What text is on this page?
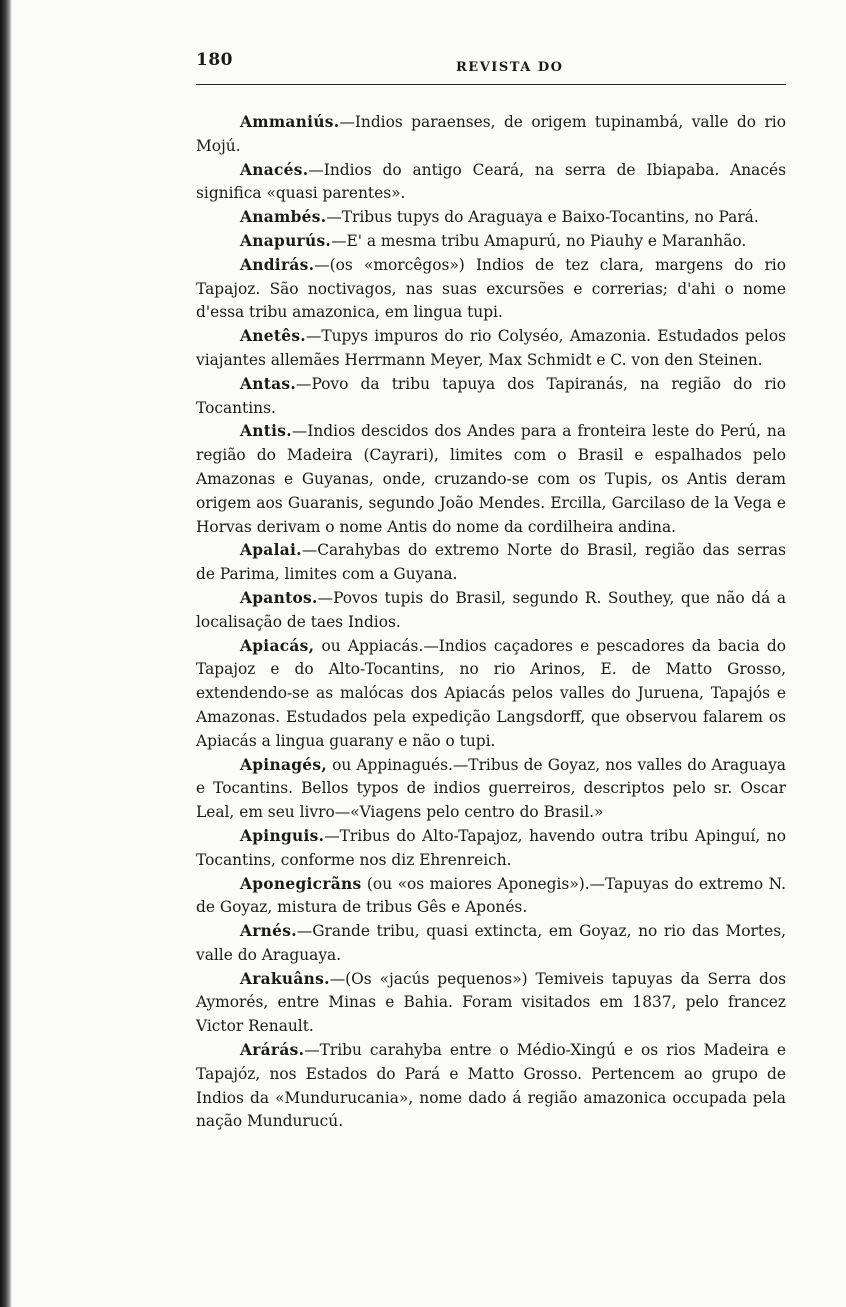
180	REVISTA DO

Ammaniús.—Indios paraenses, de origem tupinambá, valle do rio Mojú.

Anacés.—Indios do antigo Ceará, na serra de Ibiapaba. Anacés significa «quasi parentes».

Anambés.—Tribus tupys do Araguaya e Baixo-Tocantins, no Pará.

Anapurús.—E' a mesma tribu Amapurú, no Piauhy e Maranhão.

Andirás.—(os «morcêgos») Indios de tez clara, margens do rio Tapajoz. São noctivagos, nas suas excursões e correrias; d'ahi o nome d'essa tribu amazonica, em lingua tupi.

Anetês.—Tupys impuros do rio Colyséo, Amazonia. Estudados pelos viajantes allemães Herrmann Meyer, Max Schmidt e C. von den Steinen.

Antas.—Povo da tribu tapuya dos Tapiranás, na região do rio Tocantins.

Antis.—Indios descidos dos Andes para a fronteira leste do Perú, na região do Madeira (Cayrari), limites com o Brasil e espalhados pelo Amazonas e Guyanas, onde, cruzando-se com os Tupis, os Antis deram origem aos Guaranis, segundo João Mendes. Ercilla, Garcilaso de la Vega e Horvas derivam o nome Antis do nome da cordilheira andina.

Apalai.—Carahybas do extremo Norte do Brasil, região das serras de Parima, limites com a Guyana.

Apantos.—Povos tupis do Brasil, segundo R. Southey, que não dá a localisação de taes Indios.

Apiacás, ou Appiacás.—Indios caçadores e pescadores da bacia do Tapajoz e do Alto-Tocantins, no rio Arinos, E. de Matto Grosso, extendendo-se as malócas dos Apiacás pelos valles do Juruena, Tapajós e Amazonas. Estudados pela expedição Langsdorff, que observou falarem os Apiacás a lingua guarany e não o tupi.

Apinagés, ou Appinagués.—Tribus de Goyaz, nos valles do Araguaya e Tocantins. Bellos typos de indios guerreiros, descriptos pelo sr. Oscar Leal, em seu livro—«Viagens pelo centro do Brasil.»

Apinguis.—Tribus do Alto-Tapajoz, havendo outra tribu Apinguí, no Tocantins, conforme nos diz Ehrenreich.

Aponegicrãns (ou «os maiores Aponegis»).—Tapuyas do extremo N. de Goyaz, mistura de tribus Gês e Aponés.

Arnés.—Grande tribu, quasi extincta, em Goyaz, no rio das Mortes, valle do Araguaya.

Arakuâns.—(Os «jacús pequenos») Temiveis tapuyas da Serra dos Aymorés, entre Minas e Bahia. Foram visitados em 1837, pelo francez Victor Renault.

Arárás.—Tribu carahyba entre o Médio-Xingú e os rios Madeira e Tapajóz, nos Estados do Pará e Matto Grosso. Pertencem ao grupo de Indios da «Mundurucania», nome dado á região amazonica occupada pela nação Mundurucú.
